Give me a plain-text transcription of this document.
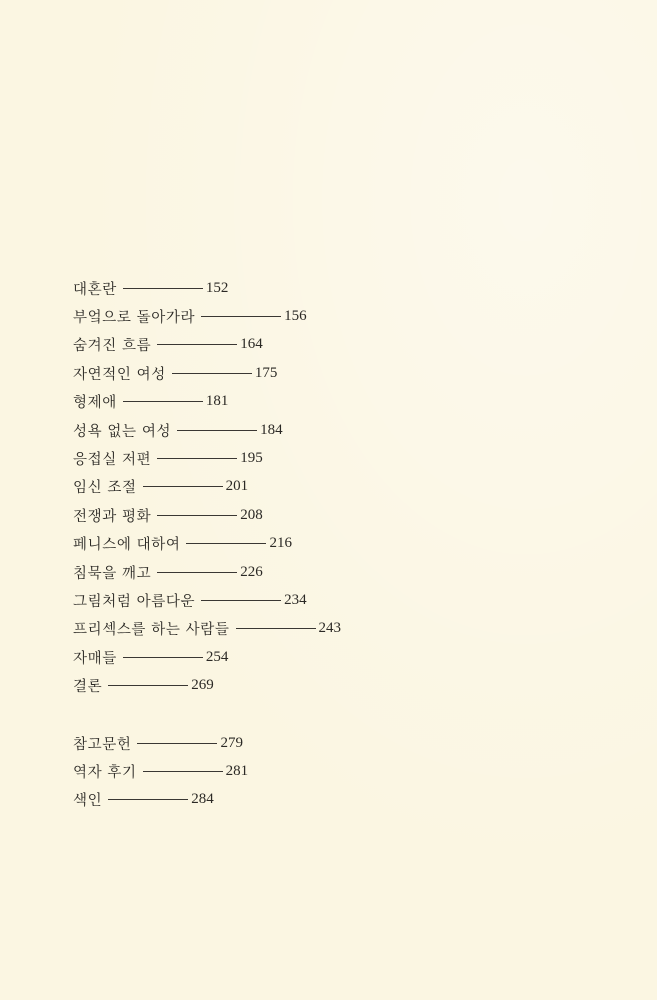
대혼란	152
부엌으로 돌아가라	156
숨겨진 흐름	164
자연적인 여성	175
형제애	181
성욕 없는 여성	184
응접실 저편	195
임신 조절	201
전쟁과 평화	208
페니스에 대하여	216
침묵을 깨고	226
그림처럼 아름다운	234
프리섹스를 하는 사람들	243
자매들	254
결론	269
참고문헌	279
역자 후기	281
색인	284
